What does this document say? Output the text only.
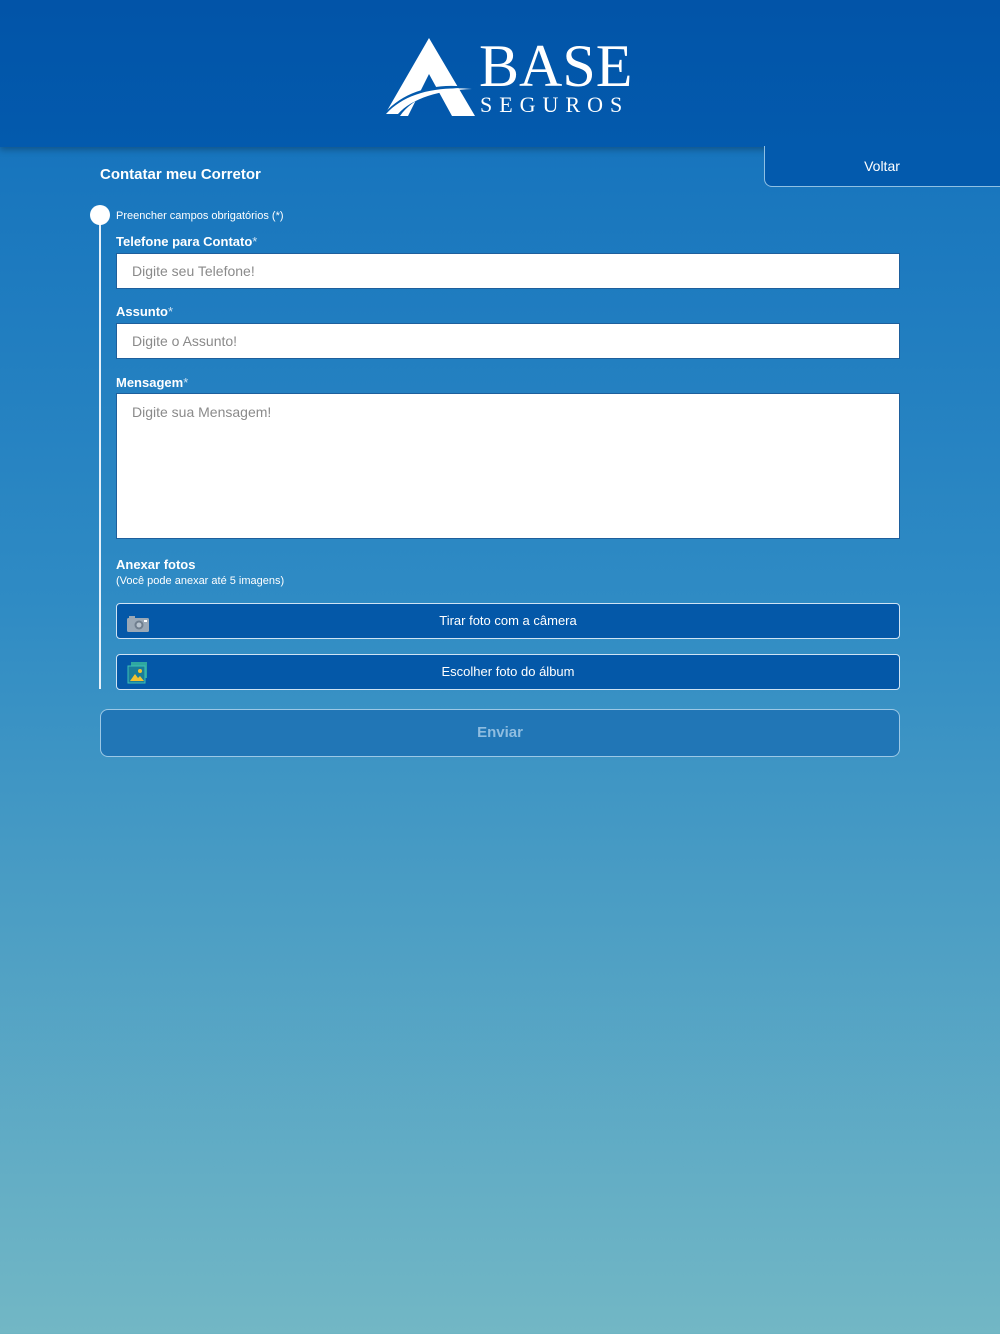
BASE
SEGUROS
Voltar
Contatar meu Corretor
Preencher campos obrigatórios (*)
Telefone para Contato*
Digite seu Telefone!
Assunto*
Digite o Assunto!
Mensagem*
Digite sua Mensagem!
Anexar fotos
(Você pode anexar até 5 imagens)
Tirar foto com a câmera
Escolher foto do álbum
Enviar
